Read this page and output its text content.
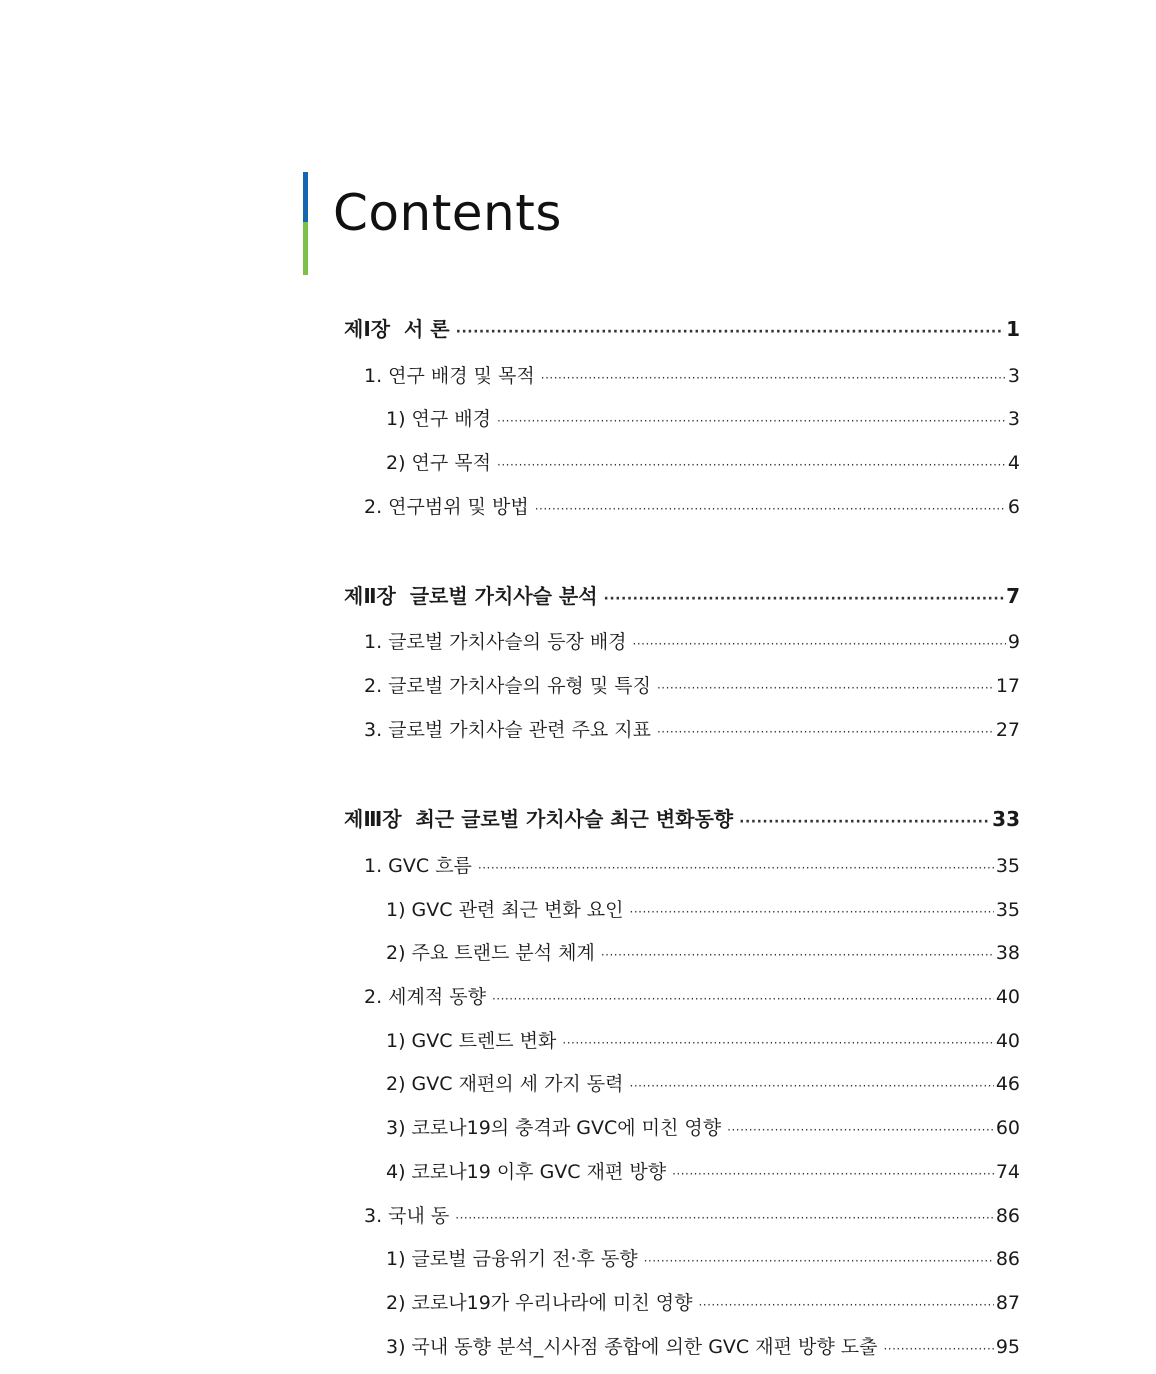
Contents
제Ⅰ장  서 론 ·····	1
1. 연구 배경 및 목적 ·····	3
1) 연구 배경 ·····	3
2) 연구 목적 ·····	4
2. 연구범위 및 방법 ·····	6
제Ⅱ장  글로벌 가치사슬 분석 ·····	7
1. 글로벌 가치사슬의 등장 배경 ·····	9
2. 글로벌 가치사슬의 유형 및 특징 ·····	17
3. 글로벌 가치사슬 관련 주요 지표 ·····	27
제Ⅲ장  최근 글로벌 가치사슬 최근 변화동향 ·····	33
1. GVC 흐름 ·····	35
1) GVC 관련 최근 변화 요인 ·····	35
2) 주요 트랜드 분석 체계 ·····	38
2. 세계적 동향 ·····	40
1) GVC 트렌드 변화 ·····	40
2) GVC 재편의 세 가지 동력 ·····	46
3) 코로나19의 충격과 GVC에 미친 영향 ·····	60
4) 코로나19 이후 GVC 재편 방향 ·····	74
3. 국내 동 ·····	86
1) 글로벌 금융위기 전·후 동향 ·····	86
2) 코로나19가 우리나라에 미친 영향 ·····	87
3) 국내 동향 분석_시사점 종합에 의한 GVC 재편 방향 도출 ·····	95
